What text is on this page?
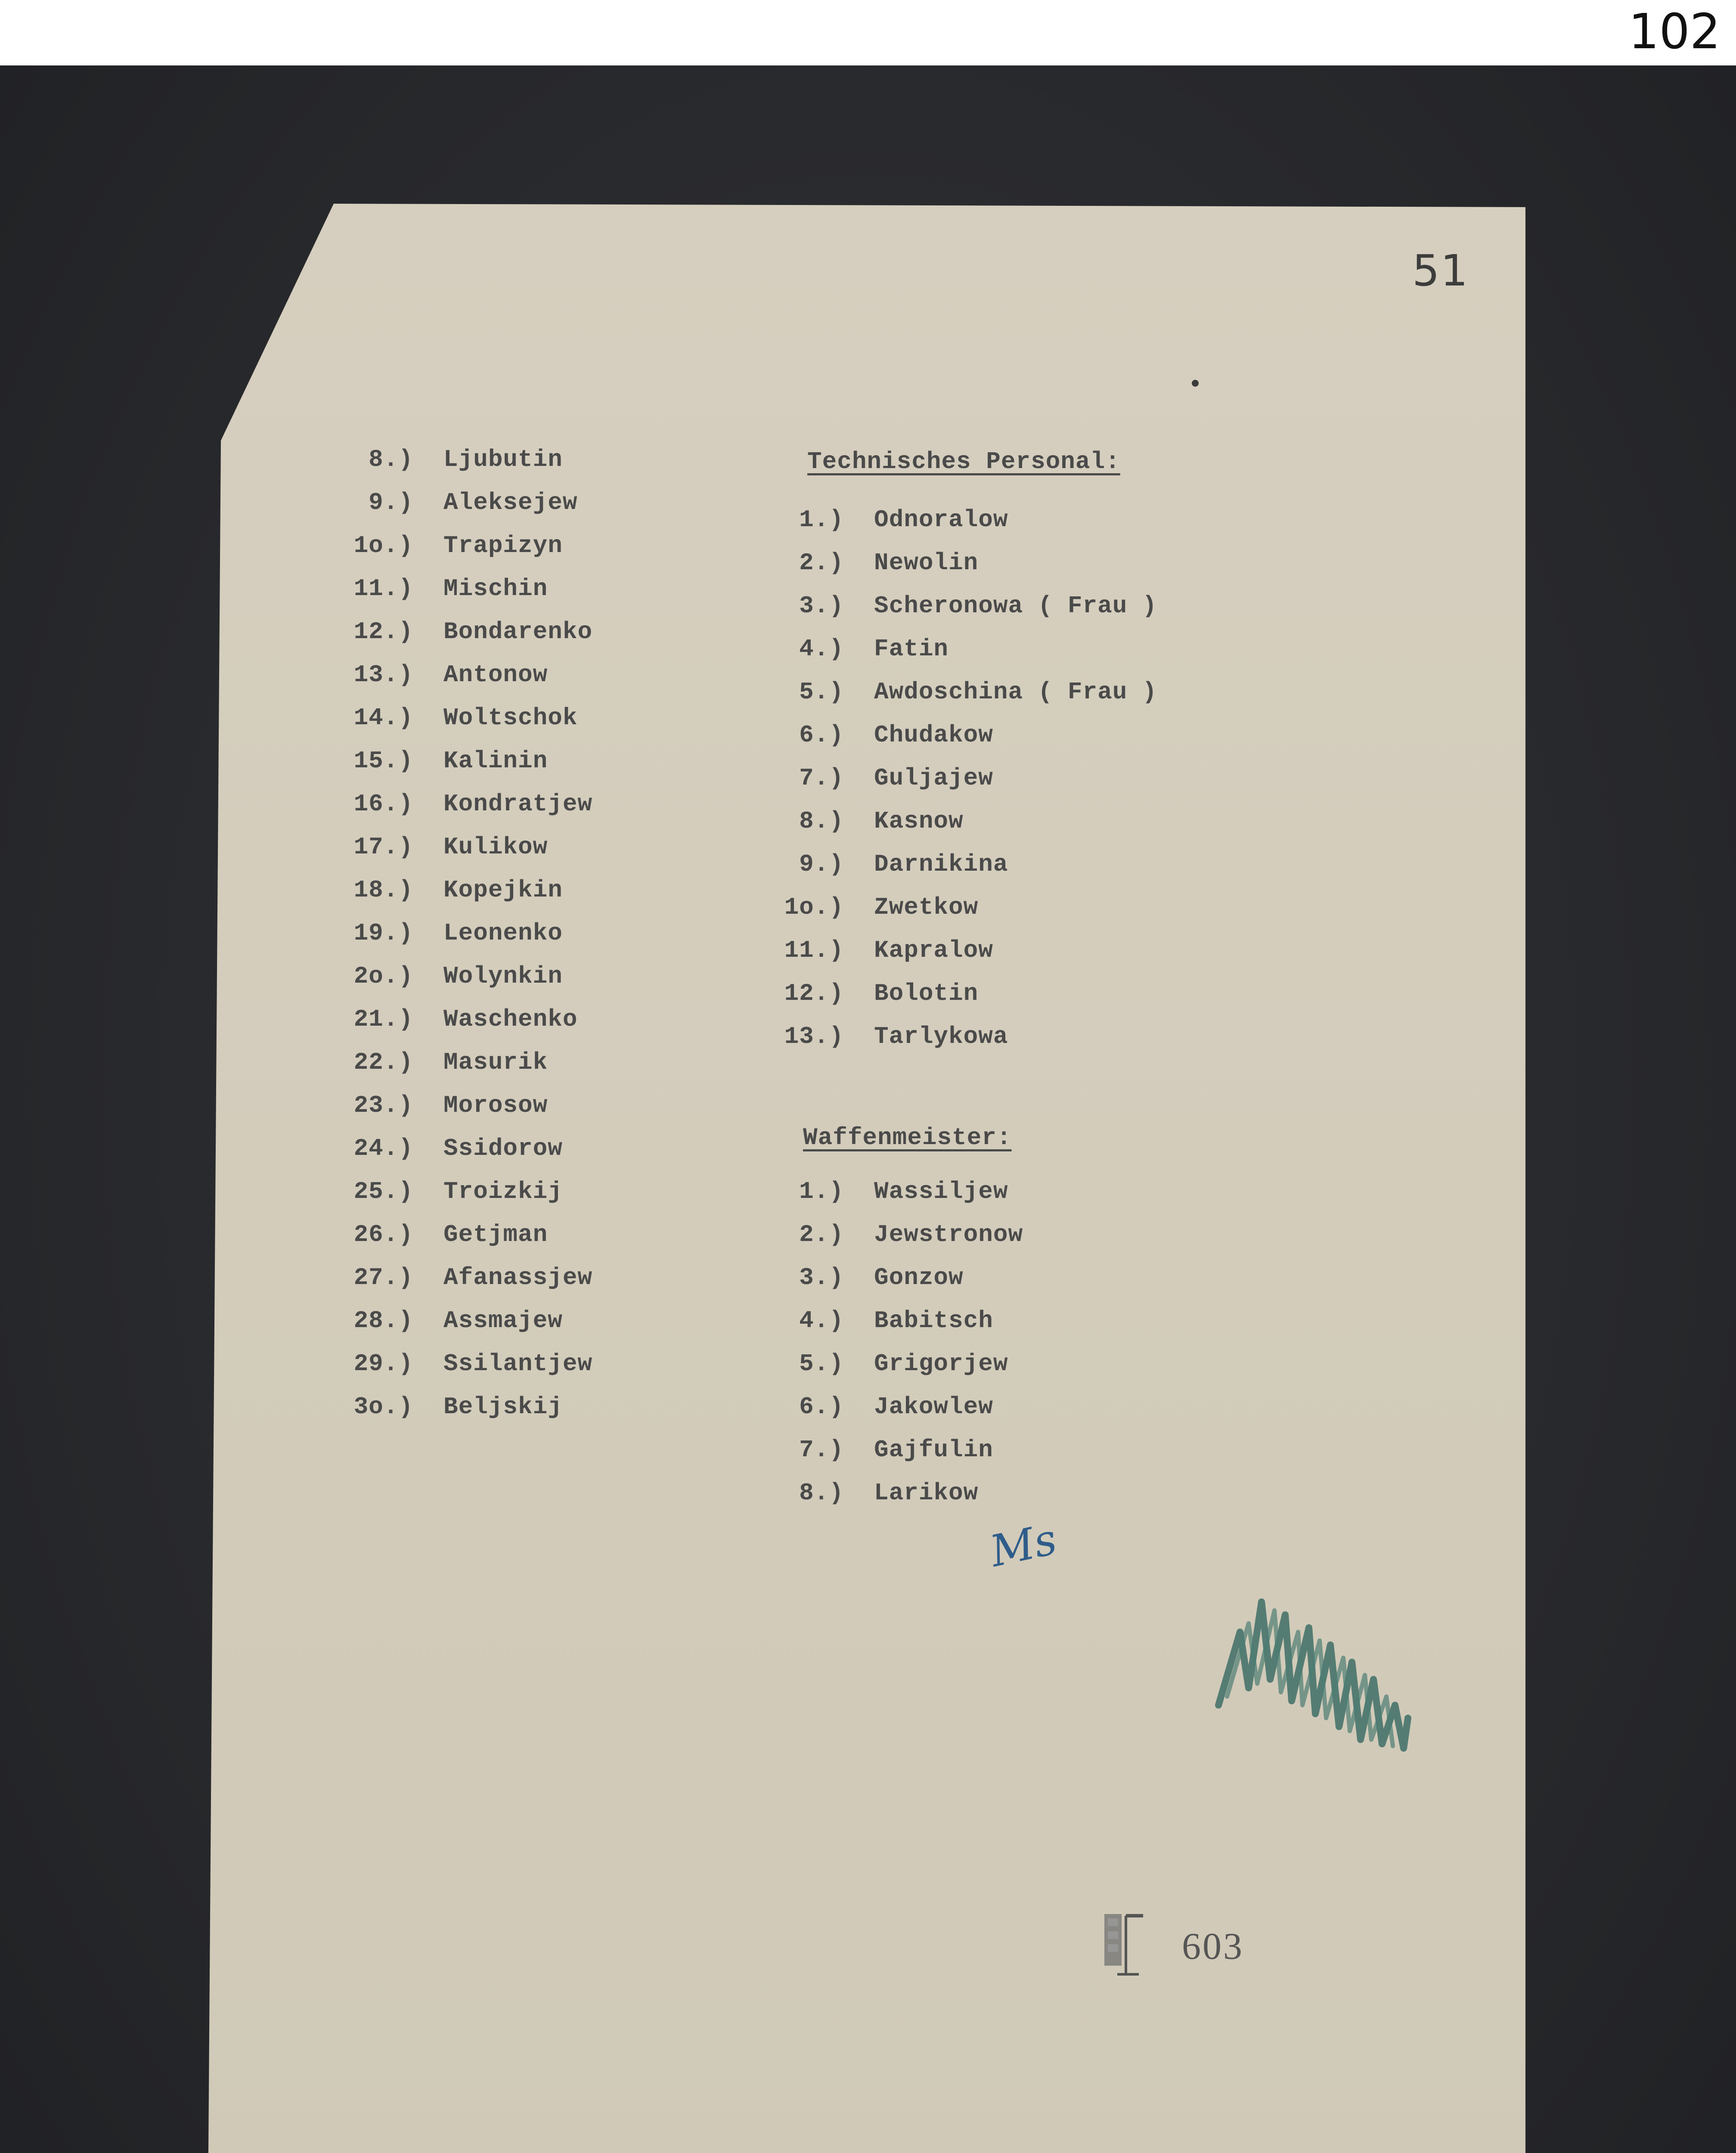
102
51
8.) Ljubutin
9.) Aleksejew
1o.) Trapizyn
11.) Mischin
12.) Bondarenko
13.) Antonow
14.) Woltschok
15.) Kalinin
16.) Kondratjew
17.) Kulikow
18.) Kopejkin
19.) Leonenko
2o.) Wolynkin
21.) Waschenko
22.) Masurik
23.) Morosow
24.) Ssidorow
25.) Troizkij
26.) Getjman
27.) Afanassjew
28.) Assmajew
29.) Ssilantjew
3o.) Beljskij

Technisches Personal:
1.) Odnoralow
2.) Newolin
3.) Scheronowa ( Frau )
4.) Fatin
5.) Awdoschina ( Frau )
6.) Chudakow
7.) Guljajew
8.) Kasnow
9.) Darnikina
1o.) Zwetkow
11.) Kapralow
12.) Bolotin
13.) Tarlykowa
Waffenmeister:
1.) Wassiljew
2.) Jewstronow
3.) Gonzow
4.) Babitsch
5.) Grigorjew
6.) Jakowlew
7.) Gajfulin
8.) Larikow
Ms
603
